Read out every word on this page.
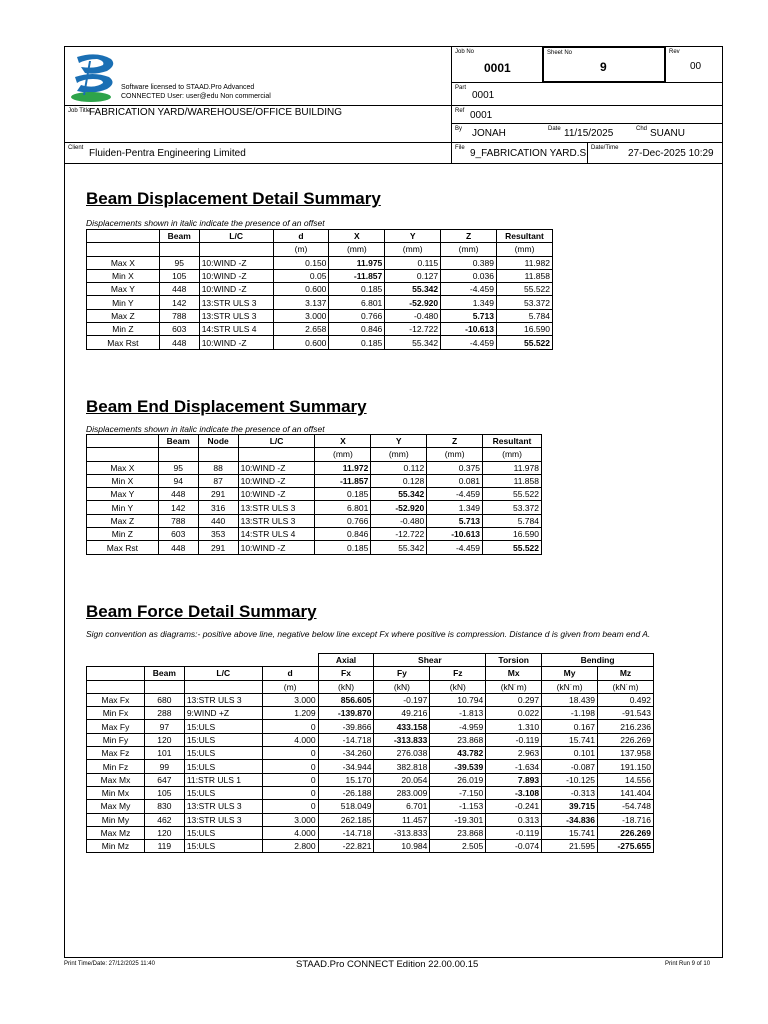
Software licensed to STAAD.Pro Advanced
CONNECTED User: user@edu Non commercial
Job No
0001
Sheet No
9
Rev
00
Part
0001
Job Title
FABRICATION YARD/WAREHOUSE/OFFICE BUILDING	Ref 0001
By JONAH	Date 11/15/2025	Chd SUANU
Client Fluiden-Pentra Engineering Limited	File 9_FABRICATION YARD.S Date/Time 27-Dec-2025 10:29
Beam Displacement Detail Summary
Displacements shown in italic indicate the presence of an offset
	Beam	L/C	d	X	Y	Z	Resultant
			(m)	(mm)	(mm)	(mm)	(mm)
Max X	95	10:WIND -Z	0.150	11.975	0.115	0.389	11.982
Min X	105	10:WIND -Z	0.05	-11.857	0.127	0.036	11.858
Max Y	448	10:WIND -Z	0.600	0.185	55.342	-4.459	55.522
Min Y	142	13:STR ULS 3	3.137	6.801	-52.920	1.349	53.372
Max Z	788	13:STR ULS 3	3.000	0.766	-0.480	5.713	5.784
Min Z	603	14:STR ULS 4	2.658	0.846	-12.722	-10.613	16.590
Max Rst	448	10:WIND -Z	0.600	0.185	55.342	-4.459	55.522
Beam End Displacement Summary
Displacements shown in italic indicate the presence of an offset
	Beam	Node	L/C	X	Y	Z	Resultant
				(mm)	(mm)	(mm)	(mm)
Max X	95	88	10:WIND -Z	11.972	0.112	0.375	11.978
Min X	94	87	10:WIND -Z	-11.857	0.128	0.081	11.858
Max Y	448	291	10:WIND -Z	0.185	55.342	-4.459	55.522
Min Y	142	316	13:STR ULS 3	6.801	-52.920	1.349	53.372
Max Z	788	440	13:STR ULS 3	0.766	-0.480	5.713	5.784
Min Z	603	353	14:STR ULS 4	0.846	-12.722	-10.613	16.590
Max Rst	448	291	10:WIND -Z	0.185	55.342	-4.459	55.522
Beam Force Detail Summary
Sign convention as diagrams:- positive above line, negative below line except Fx where positive is compression. Distance d is given from beam end A.
				Axial	Shear		Torsion	Bending	
	Beam	L/C	d	Fx	Fy	Fz	Mx	My	Mz
			(m)	(kN)	(kN)	(kN)	(kN˙m)	(kN˙m)	(kN˙m)
Max Fx	680	13:STR ULS 3	3.000	856.605	-0.197	10.794	0.297	18.439	0.492
Min Fx	288	9:WIND +Z	1.209	-139.870	49.216	-1.813	0.022	-1.198	-91.543
Max Fy	97	15:ULS	0	-39.866	433.158	-4.959	1.310	0.167	216.236
Min Fy	120	15:ULS	4.000	-14.718	-313.833	23.868	-0.119	15.741	226.269
Max Fz	101	15:ULS	0	-34.260	276.038	43.782	2.963	0.101	137.958
Min Fz	99	15:ULS	0	-34.944	382.818	-39.539	-1.634	-0.087	191.150
Max Mx	647	11:STR ULS 1	0	15.170	20.054	26.019	7.893	-10.125	14.556
Min Mx	105	15:ULS	0	-26.188	283.009	-7.150	-3.108	-0.313	141.404
Max My	830	13:STR ULS 3	0	518.049	6.701	-1.153	-0.241	39.715	-54.748
Min My	462	13:STR ULS 3	3.000	262.185	11.457	-19.301	0.313	-34.836	-18.716
Max Mz	120	15:ULS	4.000	-14.718	-313.833	23.868	-0.119	15.741	226.269
Min Mz	119	15:ULS	2.800	-22.821	10.984	2.505	-0.074	21.595	-275.655
Print Time/Date: 27/12/2025 11:40	STAAD.Pro CONNECT Edition 22.00.00.15	Print Run 9 of 10
